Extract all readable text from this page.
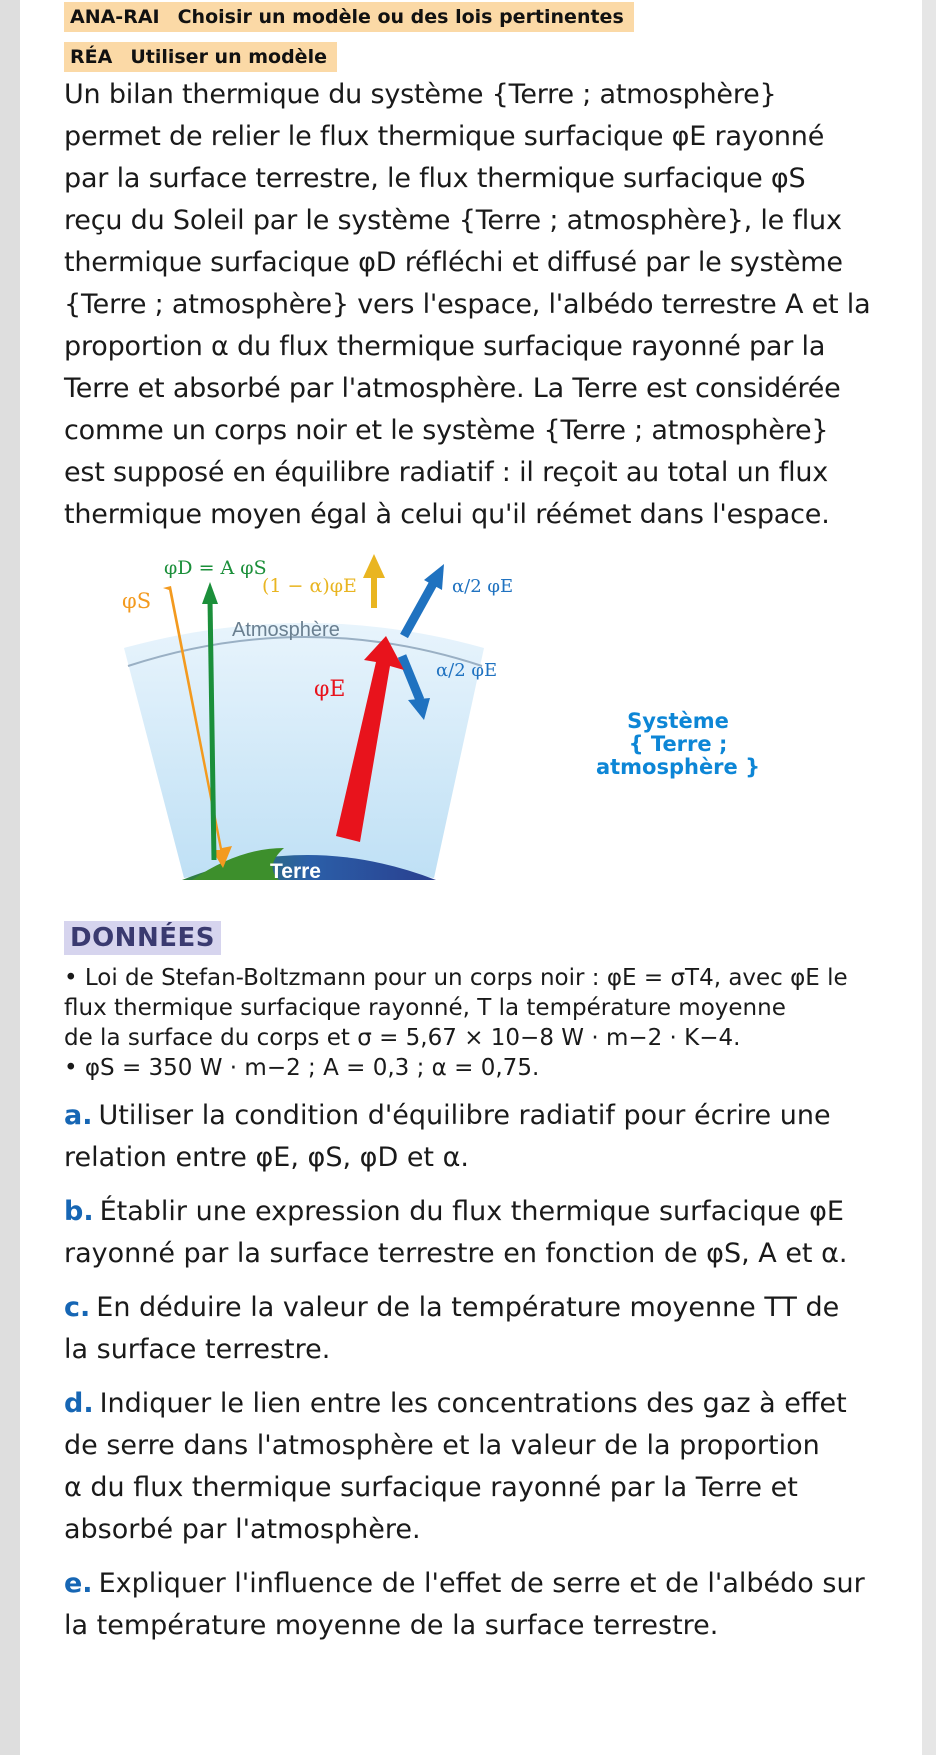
ANA-RAI Choisir un modèle ou des lois pertinentes
RÉA Utiliser un modèle
Un bilan thermique du système {Terre ; atmosphère}
permet de relier le flux thermique surfacique φE rayonné
par la surface terrestre, le flux thermique surfacique φS
reçu du Soleil par le système {Terre ; atmosphère}, le flux
thermique surfacique φD réfléchi et diffusé par le système
{Terre ; atmosphère} vers l'espace, l'albédo terrestre A et la
proportion α du flux thermique surfacique rayonné par la
Terre et absorbé par l'atmosphère. La Terre est considérée
comme un corps noir et le système {Terre ; atmosphère}
est supposé en équilibre radiatif : il reçoit au total un flux
thermique moyen égal à celui qu'il réémet dans l'espace.
φS
φD = A φS
(1 − α)φE	α/2 φE
α/2 φE
φE
Atmosphère
Terre
Système
{ Terre ; atmosphère }
DONNÉES
• Loi de Stefan-Boltzmann pour un corps noir : φE = σT4, avec φE le
flux thermique surfacique rayonné, T la température moyenne
de la surface du corps et σ = 5,67 × 10−8 W · m−2 · K−4.
• φS = 350 W · m−2 ; A = 0,3 ; α = 0,75.
a. Utiliser la condition d'équilibre radiatif pour écrire une
relation entre φE, φS, φD et α.
b. Établir une expression du flux thermique surfacique φE
rayonné par la surface terrestre en fonction de φS, A et α.
c. En déduire la valeur de la température moyenne TT de
la surface terrestre.
d. Indiquer le lien entre les concentrations des gaz à effet
de serre dans l'atmosphère et la valeur de la proportion
α du flux thermique surfacique rayonné par la Terre et
absorbé par l'atmosphère.
e. Expliquer l'influence de l'effet de serre et de l'albédo sur
la température moyenne de la surface terrestre.
